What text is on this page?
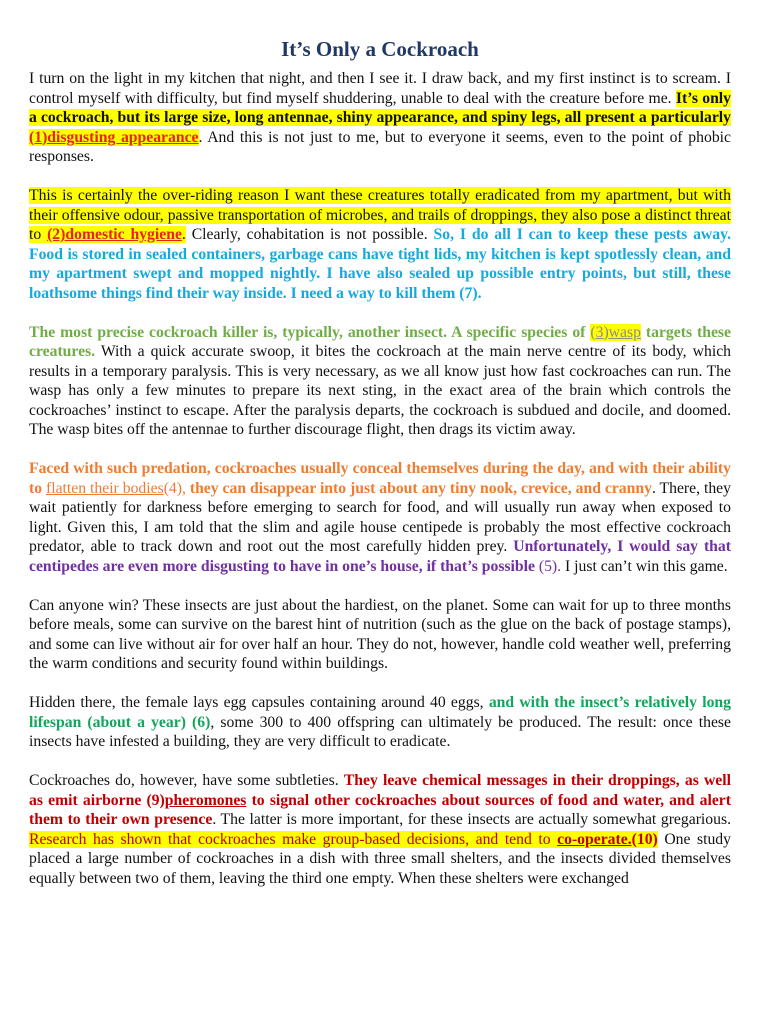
It’s Only a Cockroach

I turn on the light in my kitchen that night, and then I see it. I draw back, and my first instinct is to scream. I control myself with difficulty, but find myself shuddering, unable to deal with the creature before me. It’s only a cockroach, but its large size, long antennae, shiny appearance, and spiny legs, all present a particularly (1)disgusting appearance. And this is not just to me, but to everyone it seems, even to the point of phobic responses.

This is certainly the over-riding reason I want these creatures totally eradicated from my apartment, but with their offensive odour, passive transportation of microbes, and trails of droppings, they also pose a distinct threat to (2)domestic hygiene. Clearly, cohabitation is not possible. So, I do all I can to keep these pests away. Food is stored in sealed containers, garbage cans have tight lids, my kitchen is kept spotlessly clean, and my apartment swept and mopped nightly. I have also sealed up possible entry points, but still, these loathsome things find their way inside. I need a way to kill them (7).

The most precise cockroach killer is, typically, another insect. A specific species of (3)wasp targets these creatures. With a quick accurate swoop, it bites the cockroach at the main nerve centre of its body, which results in a temporary paralysis. This is very necessary, as we all know just how fast cockroaches can run. The wasp has only a few minutes to prepare its next sting, in the exact area of the brain which controls the cockroaches’ instinct to escape. After the paralysis departs, the cockroach is subdued and docile, and doomed. The wasp bites off the antennae to further discourage flight, then drags its victim away.

Faced with such predation, cockroaches usually conceal themselves during the day, and with their ability to flatten their bodies(4), they can disappear into just about any tiny nook, crevice, and cranny. There, they wait patiently for darkness before emerging to search for food, and will usually run away when exposed to light. Given this, I am told that the slim and agile house centipede is probably the most effective cockroach predator, able to track down and root out the most carefully hidden prey. Unfortunately, I would say that centipedes are even more disgusting to have in one’s house, if that’s possible (5). I just can’t win this game.

Can anyone win? These insects are just about the hardiest, on the planet. Some can wait for up to three months before meals, some can survive on the barest hint of nutrition (such as the glue on the back of postage stamps), and some can live without air for over half an hour. They do not, however, handle cold weather well, preferring the warm conditions and security found within buildings.

Hidden there, the female lays egg capsules containing around 40 eggs, and with the insect’s relatively long lifespan (about a year) (6), some 300 to 400 offspring can ultimately be produced. The result: once these insects have infested a building, they are very difficult to eradicate.

Cockroaches do, however, have some subtleties. They leave chemical messages in their droppings, as well as emit airborne (9)pheromones to signal other cockroaches about sources of food and water, and alert them to their own presence. The latter is more important, for these insects are actually somewhat gregarious. Research has shown that cockroaches make group-based decisions, and tend to co-operate.(10) One study placed a large number of cockroaches in a dish with three small shelters, and the insects divided themselves equally between two of them, leaving the third one empty. When these shelters were exchanged
